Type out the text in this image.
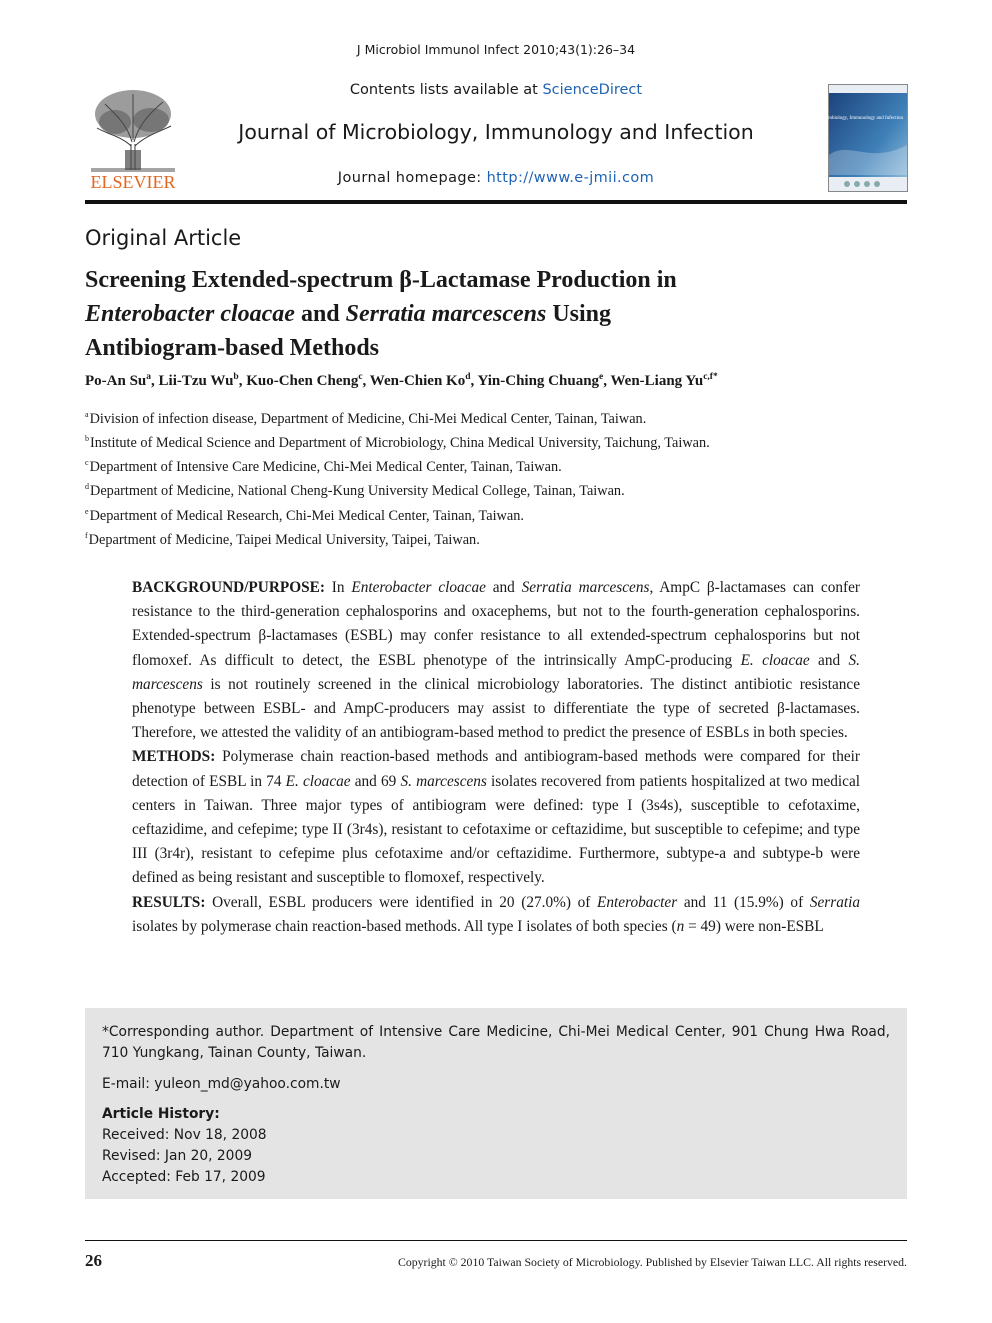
J Microbiol Immunol Infect 2010;43(1):26–34
ELSEVIER
Contents lists available at ScienceDirect
Journal of Microbiology, Immunology and Infection
Journal homepage: http://www.e-jmii.com
Journal of Microbiology, Immunology and Infection
Original Article
Screening Extended-spectrum β-Lactamase Production in
Enterobacter cloacae and Serratia marcescens Using
Antibiogram-based Methods
Po-An Su$^a$, Lii-Tzu Wu$^b$, Kuo-Chen Cheng$^c$, Wen-Chien Ko$^d$, Yin-Ching Chuang$^e$, Wen-Liang $Yu^{c,f*}$
$^a$Division of infection disease, Department of Medicine, Chi-Mei Medical Center, Tainan, Taiwan.
$^b$Institute of Medical Science and Department of Microbiology, China Medical University, Taichung, Taiwan.
$^c$Department of Intensive Care Medicine, Chi-Mei Medical Center, Tainan, Taiwan.
$^d$Department of Medicine, National Cheng-Kung University Medical College, Tainan, Taiwan.
$^e$Department of Medical Research, Chi-Mei Medical Center, Tainan, Taiwan.
$^f$Department of Medicine, Taipei Medical University, Taipei, Taiwan.

BACKGROUND/PURPOSE: In Enterobacter cloacae and Serratia marcescens, AmpC β-lactamases can confer resistance to the third-generation cephalosporins and oxacephems, but not to the fourth-generation cephalosporins. Extended-spectrum β-lactamases (ESBL) may confer resistance to all extended-spectrum cephalosporins but not flomoxef. As difficult to detect, the ESBL phenotype of the intrinsically AmpC-producing E. cloacae and S. marcescens is not routinely screened in the clinical microbiology laboratories. The distinct antibiotic resistance phenotype between ESBL- and AmpC-producers may assist to differentiate the type of secreted β-lactamases. Therefore, we attested the validity of an antibiogram-based method to predict the presence of ESBLs in both species.

METHODS: Polymerase chain reaction-based methods and antibiogram-based methods were compared for their detection of ESBL in 74 E. cloacae and 69 S. marcescens isolates recovered from patients hospitalized at two medical centers in Taiwan. Three major types of antibiogram were defined: type I (3s4s), susceptible to cefotaxime, ceftazidime, and cefepime; type II (3r4s), resistant to cefotaxime or ceftazidime, but susceptible to cefepime; and type III (3r4r), resistant to cefepime plus cefotaxime and/or ceftazidime. Furthermore, subtype-a and subtype-b were defined as being resistant and susceptible to flomoxef, respectively.

RESULTS: Overall, ESBL producers were identified in 20 (27.0%) of Enterobacter and 11 (15.9%) of Serratia isolates by polymerase chain reaction-based methods. All type I isolates of both species (n = 49) were non-ESBL

*Corresponding author. Department of Intensive Care Medicine, Chi-Mei Medical Center, 901 Chung Hwa Road, 710 Yungkang, Tainan County, Taiwan.
E-mail: yuleon_md@yahoo.com.tw
Article History:
Received: Nov 18, 2008
Revised: Jan 20, 2009
Accepted: Feb 17, 2009
26	Copyright © 2010 Taiwan Society of Microbiology. Published by Elsevier Taiwan LLC. All rights reserved.
